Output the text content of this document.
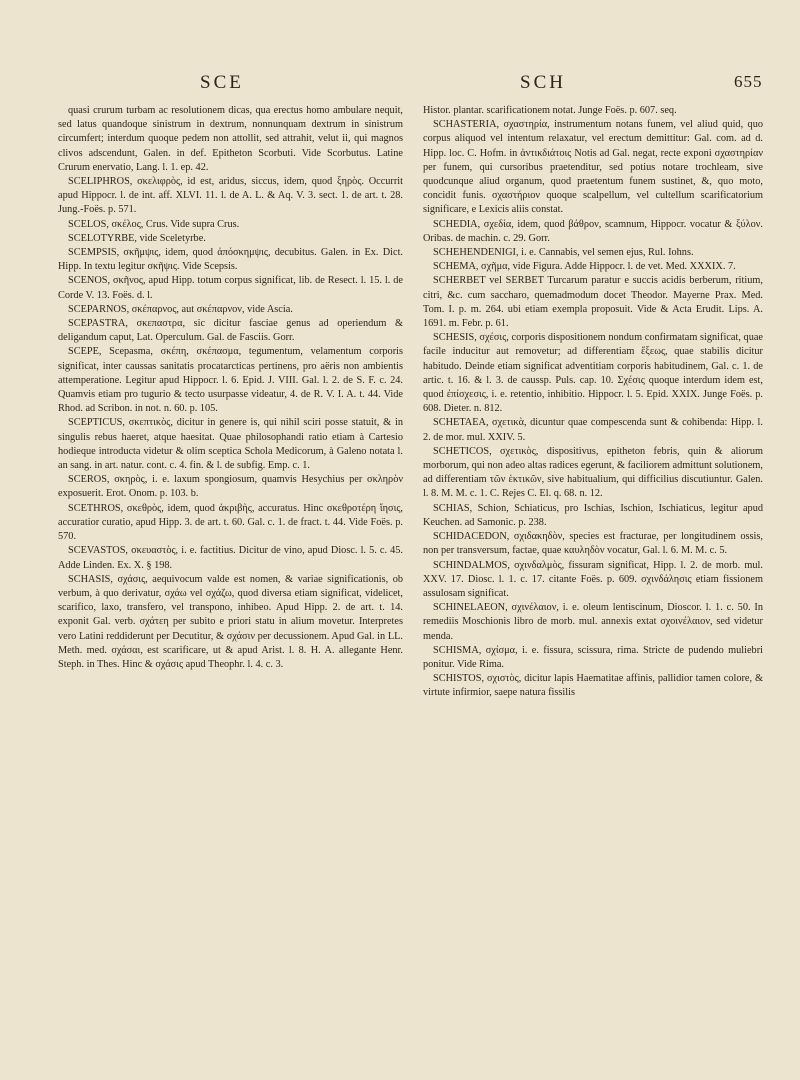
SCE	SCH	655

quasi crurum turbam ac resolutionem dicas, qua erectus homo ambulare nequit, sed latus quandoque sinistrum in dextrum, nonnunquam dextrum in sinistrum circumfert; interdum quoque pedem non attollit, sed attrahit, velut ii, qui magnos clivos adscendunt, Galen. in def. Epitheton Scorbuti. Vide Scorbutus. Latine Crurum enervatio, Lang. l. 1. ep. 42.

SCELIPHROS, σκελιφρὸς, id est, aridus, siccus, idem, quod ξηρὸς. Occurrit apud Hippocr. l. de int. aff. XLVI. 11. l. de A. L. & Aq. V. 3. sect. 1. de art. t. 28. Jung.-Foës. p. 571.

SCELOS, σκέλος, Crus. Vide supra Crus.

SCELOTYRBE, vide Sceletyrbe.

SCEMPSIS, σκῆμψις, idem, quod ἀπόσκημψις, decubitus. Galen. in Ex. Dict. Hipp. In textu legitur σκῆψις. Vide Scepsis.

SCENOS, σκῆνος, apud Hipp. totum corpus significat, lib. de Resect. l. 15. l. de Corde V. 13. Foës. d. l.

SCEPARNOS, σκέπαρνος, aut σκέπαρνον, vide Ascia.

SCEPASTRA, σκεπαστρα, sic dicitur fasciae genus ad operiendum & deligandum caput, Lat. Operculum. Gal. de Fasciis. Gorr.

SCEPE, Scepasma, σκέπη, σκέπασμα, tegumentum, velamentum corporis significat, inter caussas sanitatis procatarcticas pertinens, pro aëris non ambientis attemperatione. Legitur apud Hippocr. l. 6. Epid. J. VIII. Gal. l. 2. de S. F. c. 24. Quamvis etiam pro tugurio & tecto usurpasse videatur, 4. de R. V. I. A. t. 44. Vide Rhod. ad Scribon. in not. n. 60. p. 105.

SCEPTICUS, σκεπτικὸς, dicitur in genere is, qui nihil sciri posse statuit, & in singulis rebus haeret, atque haesitat. Quae philosophandi ratio etiam à Cartesio hodieque introducta videtur & olim sceptica Schola Medicorum, à Galeno notata l. an sang. in art. natur. cont. c. 4. fin. & l. de subfig. Emp. c. 1.

SCEROS, σκηρὸς, i. e. laxum spongiosum, quamvis Hesychius per σκληρὸν exposuerit. Erot. Onom. p. 103. b.

SCETHROS, σκεθρὸς, idem, quod ἀκριβὴς, accuratus. Hinc σκεθροτέρη ἴησις, accuratior curatio, apud Hipp. 3. de art. t. 60. Gal. c. 1. de fract. t. 44. Vide Foës. p. 570.

SCEVASTOS, σκευαστὸς, i. e. factitius. Dicitur de vino, apud Diosc. l. 5. c. 45. Adde Linden. Ex. X. § 198.

SCHASIS, σχάσις, aequivocum valde est nomen, & variae significationis, ob verbum, à quo derivatur, σχάω vel σχάζω, quod diversa etiam significat, videlicet, scarifico, laxo, transfero, vel transpono, inhibeo. Apud Hipp. 2. de art. t. 14. exponit Gal. verb. σχάτεη per subito e priori statu in alium movetur. Interpretes vero Latini reddiderunt per Decutitur, & σχάσιν per decussionem. Apud Gal. in LL. Meth. med. σχάσαι, est scarificare, ut & apud Arist. l. 8. H. A. allegante Henr. Steph. in Thes. Hinc & σχάσις apud Theophr. l. 4. c. 3.

Histor. plantar. scarificationem notat. Junge Foës. p. 607. seq.

SCHASTERIA, σχαστηρία, instrumentum notans funem, vel aliud quid, quo corpus aliquod vel intentum relaxatur, vel erectum demittitur: Gal. com. ad d. Hipp. loc. C. Hofm. in ἀντικδιάτοις Notis ad Gal. negat, recte exponi σχαστηρίαν per funem, qui cursoribus praetenditur, sed potius notare trochleam, sive quodcunque aliud organum, quod praetentum funem sustinet, &, quo moto, concidit funis. σχαστήριον quoque scalpellum, vel cultellum scarificatorium significare, e Lexicis aliis constat.

SCHEDIA, σχεδία, idem, quod βάθρον, scamnum, Hippocr. vocatur & ξύλον. Oribas. de machin. c. 29. Gorr.

SCHEHENDENIGI, i. e. Cannabis, vel semen ejus, Rul. Iohns.

SCHEMA, σχῆμα, vide Figura. Adde Hippocr. l. de vet. Med. XXXIX. 7.

SCHERBET vel SERBET Turcarum paratur e succis acidis berberum, ritium, citri, &c. cum saccharo, quemadmodum docet Theodor. Mayerne Prax. Med. Tom. I. p. m. 264. ubi etiam exempla proposuit. Vide & Acta Erudit. Lips. A. 1691. m. Febr. p. 61.

SCHESIS, σχέσις, corporis dispositionem nondum confirmatam significat, quae facile inducitur aut removetur; ad differentiam ἕξεως, quae stabilis dicitur habitudo. Deinde etiam significat adventitiam corporis habitudinem, Gal. c. 1. de artic. t. 16. & l. 3. de caussp. Puls. cap. 10. Σχέσις quoque interdum idem est, quod ἐπίσχεσις, i. e. retentio, inhibitio. Hippocr. l. 5. Epid. XXIX. Junge Foës. p. 608. Dieter. n. 812.

SCHETAEA, σχετικὰ, dicuntur quae compescenda sunt & cohibenda: Hipp. l. 2. de mor. mul. XXIV. 5.

SCHETICOS, σχετικὸς, dispositivus, epitheton febris, quin & aliorum morborum, qui non adeo altas radices egerunt, & faciliorem admittunt solutionem, ad differentiam τῶν ἑκτικῶν, sive habitualium, qui difficilius discutiuntur. Galen. l. 8. M. M. c. 1. C. Rejes C. El. q. 68. n. 12.

SCHIAS, Schion, Schiaticus, pro Ischias, Ischion, Ischiaticus, legitur apud Keuchen. ad Samonic. p. 238.

SCHIDACEDON, σχιδακηδὸν, species est fracturae, per longitudinem ossis, non per transversum, factae, quae καυληδὸν vocatur, Gal. l. 6. M. M. c. 5.

SCHINDALMOS, σχινδαλμὸς, fissuram significat, Hipp. l. 2. de morb. mul. XXV. 17. Diosc. l. 1. c. 17. citante Foës. p. 609. σχινδάλησις etiam fissionem assulosam significat.

SCHINELAEON, σχινέλαιον, i. e. oleum lentiscinum, Dioscor. l. 1. c. 50. In remediis Moschionis libro de morb. mul. annexis extat σχοινέλαιον, sed videtur menda.

SCHISMA, σχίσμα, i. e. fissura, scissura, rima. Stricte de pudendo muliebri ponitur. Vide Rima.

SCHISTOS, σχιστὸς, dicitur lapis Haematitae affinis, pallidior tamen colore, & virtute infirmior, saepe natura fissilis
